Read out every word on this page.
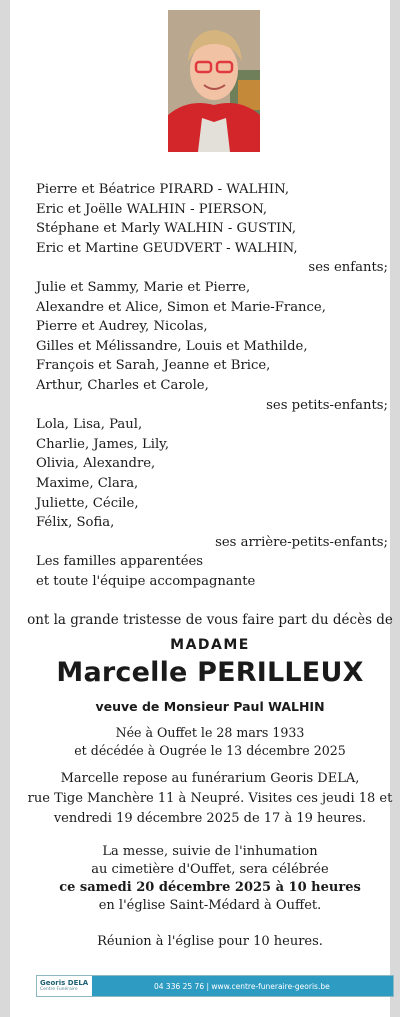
Pierre et Béatrice PIRARD - WALHIN,
Eric et Joëlle WALHIN - PIERSON,
Stéphane et Marly WALHIN - GUSTIN,
Eric et Martine GEUDVERT - WALHIN,
ses enfants;
Julie et Sammy, Marie et Pierre,
Alexandre et Alice, Simon et Marie-France,
Pierre et Audrey, Nicolas,
Gilles et Mélissandre, Louis et Mathilde,
François et Sarah, Jeanne et Brice,
Arthur, Charles et Carole,
ses petits-enfants;
Lola, Lisa, Paul,
Charlie, James, Lily,
Olivia, Alexandre,
Maxime, Clara,
Juliette, Cécile,
Félix, Sofia,
ses arrière-petits-enfants;
Les familles apparentées
et toute l'équipe accompagnante
ont la grande tristesse de vous faire part du décès de
MADAME
Marcelle PERILLEUX
veuve de Monsieur Paul WALHIN
Née à Ouffet le 28 mars 1933
et décédée à Ougrée le 13 décembre 2025
Marcelle repose au funérarium Georis DELA,
rue Tige Manchère 11 à Neupré. Visites ces jeudi 18 et
vendredi 19 décembre 2025 de 17 à 19 heures.
La messe, suivie de l'inhumation
au cimetière d'Ouffet, sera célébrée
ce samedi 20 décembre 2025 à 10 heures
en l'église Saint-Médard à Ouffet.
Réunion à l'église pour 10 heures.
Georis DELA
Centre Funéraire	04 336 25 76 | www.centre-funeraire-georis.be
